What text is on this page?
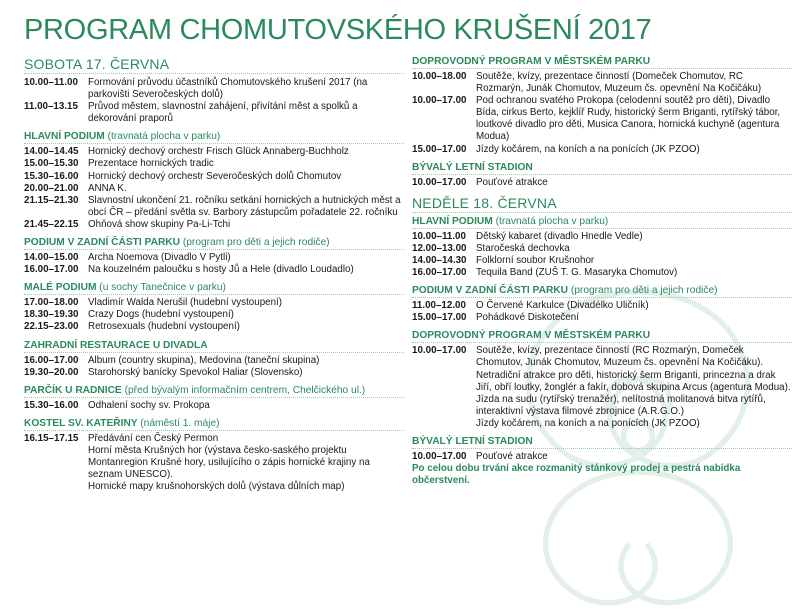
PROGRAM CHOMUTOVSKÉHO KRUŠENÍ 2017
SOBOTA 17. ČERVNA
10.00–11.00	Formování průvodu účastníků Chomutovského krušení 2017 (na parkovišti Severočeských dolů)
11.00–13.15	Průvod městem, slavnostní zahájení, přivítání měst a spolků a dekorování praporů
HLAVNÍ PODIUM (travnatá plocha v parku)
14.00–14.45 Hornický dechový orchestr Frisch Glück Annaberg-Buchholz
15.00–15.30 Prezentace hornických tradic
15.30–16.00 Hornický dechový orchestr Severočeských dolů Chomutov
20.00–21.00 ANNA K.
21.15–21.30 Slavnostní ukončení 21. ročníku setkání hornických a hutnických měst a obcí ČR – předání světla sv. Barbory zástupcům pořadatele 22. ročníku
21.45–22.15 Ohňová show skupiny Pa-Li-Tchi
PODIUM V ZADNÍ ČÁSTI PARKU (program pro děti a jejich rodiče)
14.00–15.00 Archa Noemova (Divadlo V Pytli)
16.00–17.00 Na kouzelném paloučku s hosty Jů a Hele (divadlo Loudadlo)
MALÉ PODIUM (u sochy Tanečnice v parku)
17.00–18.00 Vladimír Walda Nerušil (hudební vystoupení)
18.30–19.30 Crazy Dogs (hudební vystoupení)
22.15–23.00 Retrosexuals (hudební vystoupení)
ZAHRADNÍ RESTAURACE U DIVADLA
16.00–17.00 Album (country skupina), Medovina (taneční skupina)
19.30–20.00 Starohorský banícky Spevokol Haliar (Slovensko)
PARČÍK U RADNICE (před bývalým informačním centrem, Chelčického ul.)
15.30–16.00 Odhalení sochy sv. Prokopa
KOSTEL SV. KATEŘINY (náměstí 1. máje)
16.15–17.15 Předávání cen Český Permon
Horní města Krušných hor (výstava česko-saského projektu Montanregion Krušné hory, usilujícího o zápis hornické krajiny na seznam UNESCO).
Hornické mapy krušnohorských dolů (výstava důlních map)
DOPROVODNÝ PROGRAM V MĚSTSKÉM PARKU
10.00–18.00 Soutěže, kvízy, prezentace činností (Domeček Chomutov, RC Rozmarýn, Junák Chomutov, Muzeum čs. opevnění Na Kočičáku)
10.00–17.00 Pod ochranou svatého Prokopa (celodenní soutěž pro děti), Divadlo Bída, cirkus Berto, kejklíř Rudy, historický šerm Briganti, rytířský tábor, loutkové divadlo pro děti, Musica Canora, hornická kuchyně (agentura Modua)
15.00–17.00 Jízdy kočárem, na koních a na ponících (JK PZOO)
BÝVALÝ LETNÍ STADION
10.00–17.00 Pouťové atrakce
NEDĚLE 18. ČERVNA
HLAVNÍ PODIUM (travnatá plocha v parku)
10.00–11.00	Dětský kabaret (divadlo Hnedle Vedle)
12.00–13.00 Staročeská dechovka
14.00–14.30 Folklorní soubor Krušnohor
16.00–17.00 Tequila Band (ZUŠ T. G. Masaryka Chomutov)
PODIUM V ZADNÍ ČÁSTI PARKU (program pro děti a jejich rodiče)
11.00–12.00	O Červené Karkulce (Divadélko Uličník)
15.00–17.00 Pohádkové Diskotečení
DOPROVODNÝ PROGRAM V MĚSTSKÉM PARKU
10.00–17.00 Soutěže, kvízy, prezentace činností (RC Rozmarýn, Domeček Chomutov, Junák Chomutov, Muzeum čs. opevnění Na Kočičáku).
Netradiční atrakce pro děti, historický šerm Briganti, princezna a drak Jiří, obří loutky, žonglér a fakír, dobová skupina Arcus (agentura Modua).
Jízda na sudu (rytířský trenažér), nelítostná molitanová bitva rytířů, interaktivní výstava filmové zbrojnice (A.R.G.O.)
Jízdy kočárem, na koních a na ponících (JK PZOO)
BÝVALÝ LETNÍ STADION
10.00–17.00 Pouťové atrakce
Po celou dobu trvání akce rozmanitý stánkový prodej a pestrá nabídka občerstvení.
